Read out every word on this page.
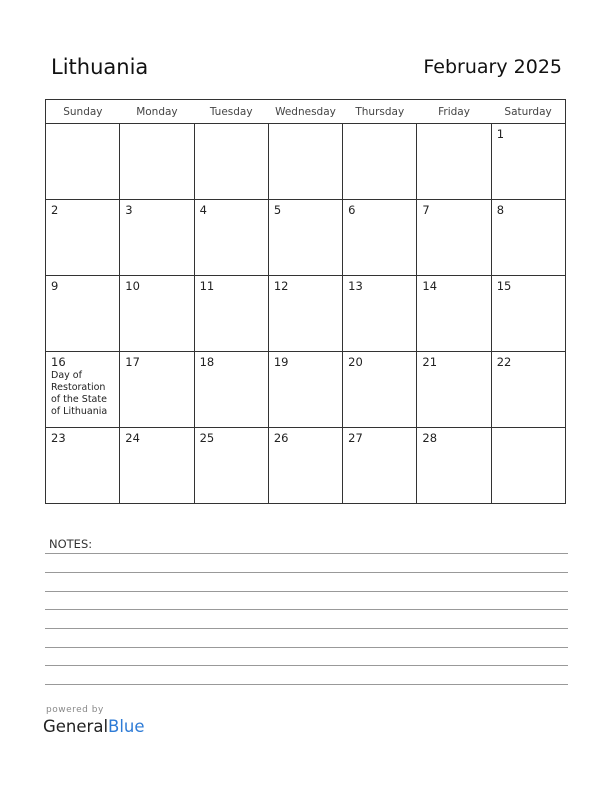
Lithuania	February 2025
Sunday	Monday	Tuesday	Wednesday	Thursday	Friday	Saturday

						1

2	3	4	5	6	7	8

9	10	11	12	13	14	15

16
Day of Restoration of the State of Lithuania	17	18	19	20	21	22

23	24	25	26	27	28	

NOTES:
powered by
GeneralBlue
